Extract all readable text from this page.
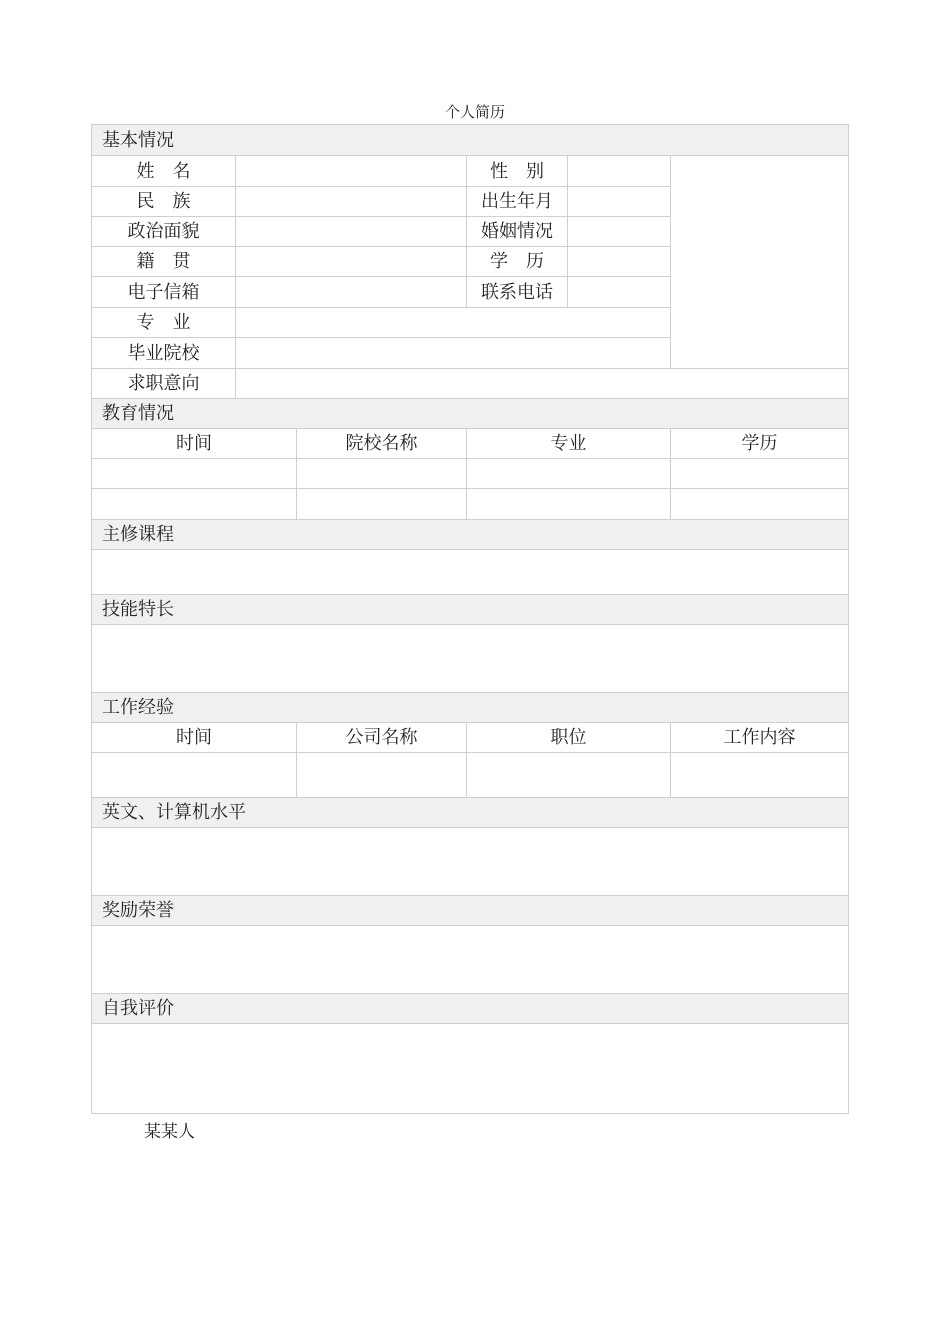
个人简历
基本情况					
姓　名			性　别		
民　族			出生年月		
政治面貌			婚姻情况		
籍　贯			学　历		
电子信箱			联系电话		
专　业					
毕业院校					
求职意向					
教育情况					
时间		院校名称	专业		学历

主修课程					

技能特长					

工作经验					
时间		公司名称	职位		工作内容

英文、计算机水平					

奖励荣誉					

自我评价					

某某人
